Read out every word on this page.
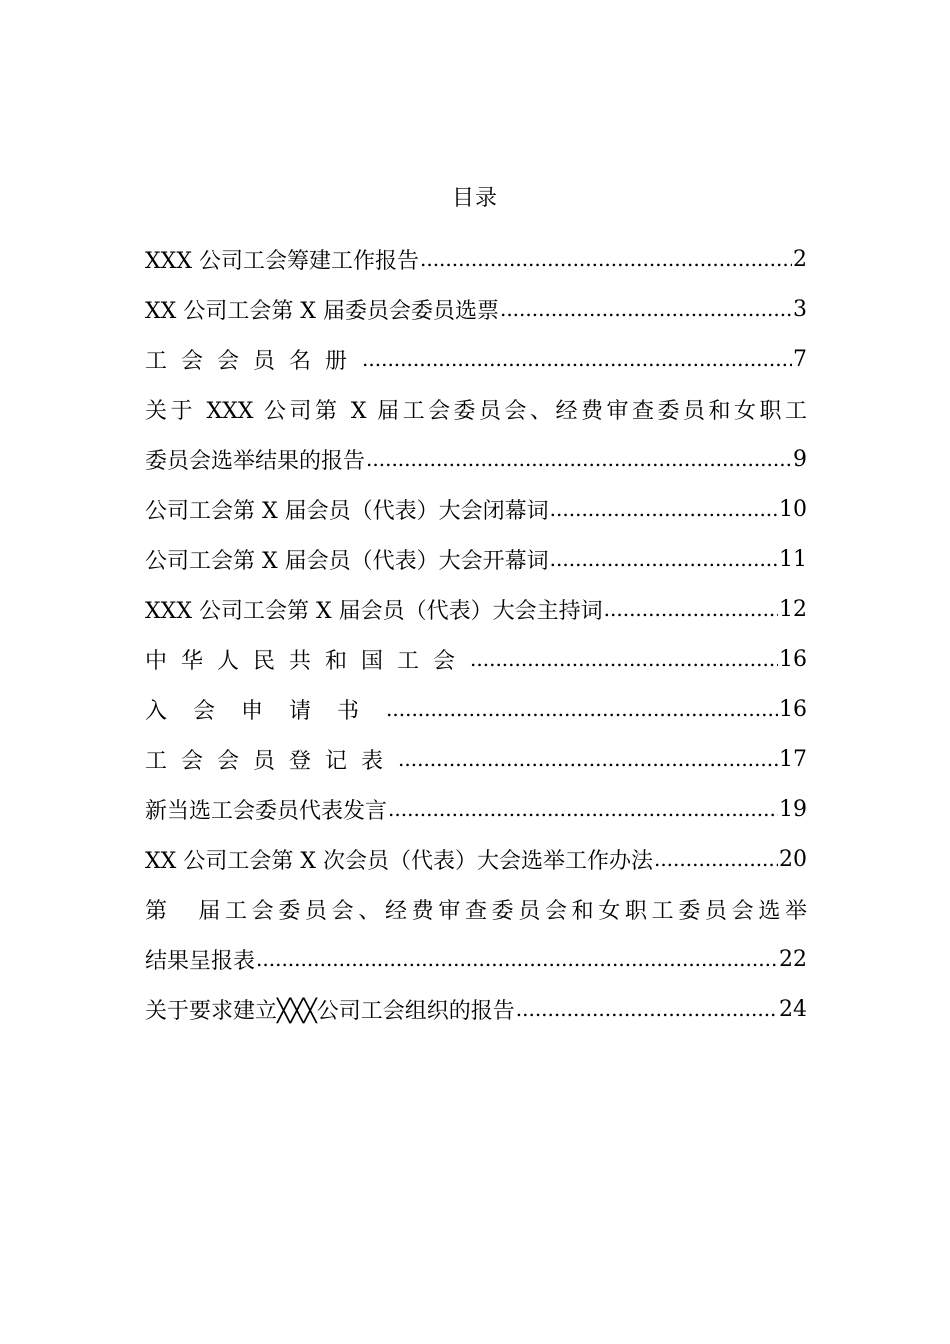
目录
XXX 公司工会筹建工作报告 .....	2
XX 公司工会第 X 届委员会委员选票 .....	3
工会会员名册 .....	7
关于 XXX 公司第 X 届工会委员会、经费审查委员和女职工
委员会选举结果的报告 .....	9
公司工会第 X 届会员（代表）大会闭幕词 .....	10
公司工会第 X 届会员（代表）大会开幕词 .....	11
XXX 公司工会第 X 届会员（代表）大会主持词 .....	12
中华人民共和国工会 .....	16
入会申请书 .....	16
工会会员登记表 .....	17
新当选工会委员代表发言 .....	19
XX 公司工会第 X 次会员（代表）大会选举工作办法 .....	20
第　届工会委员会、经费审查委员会和女职工委员会选举
结果呈报表 .....	22
关于要求建立╳╳╳公司工会组织的报告 .....	24
